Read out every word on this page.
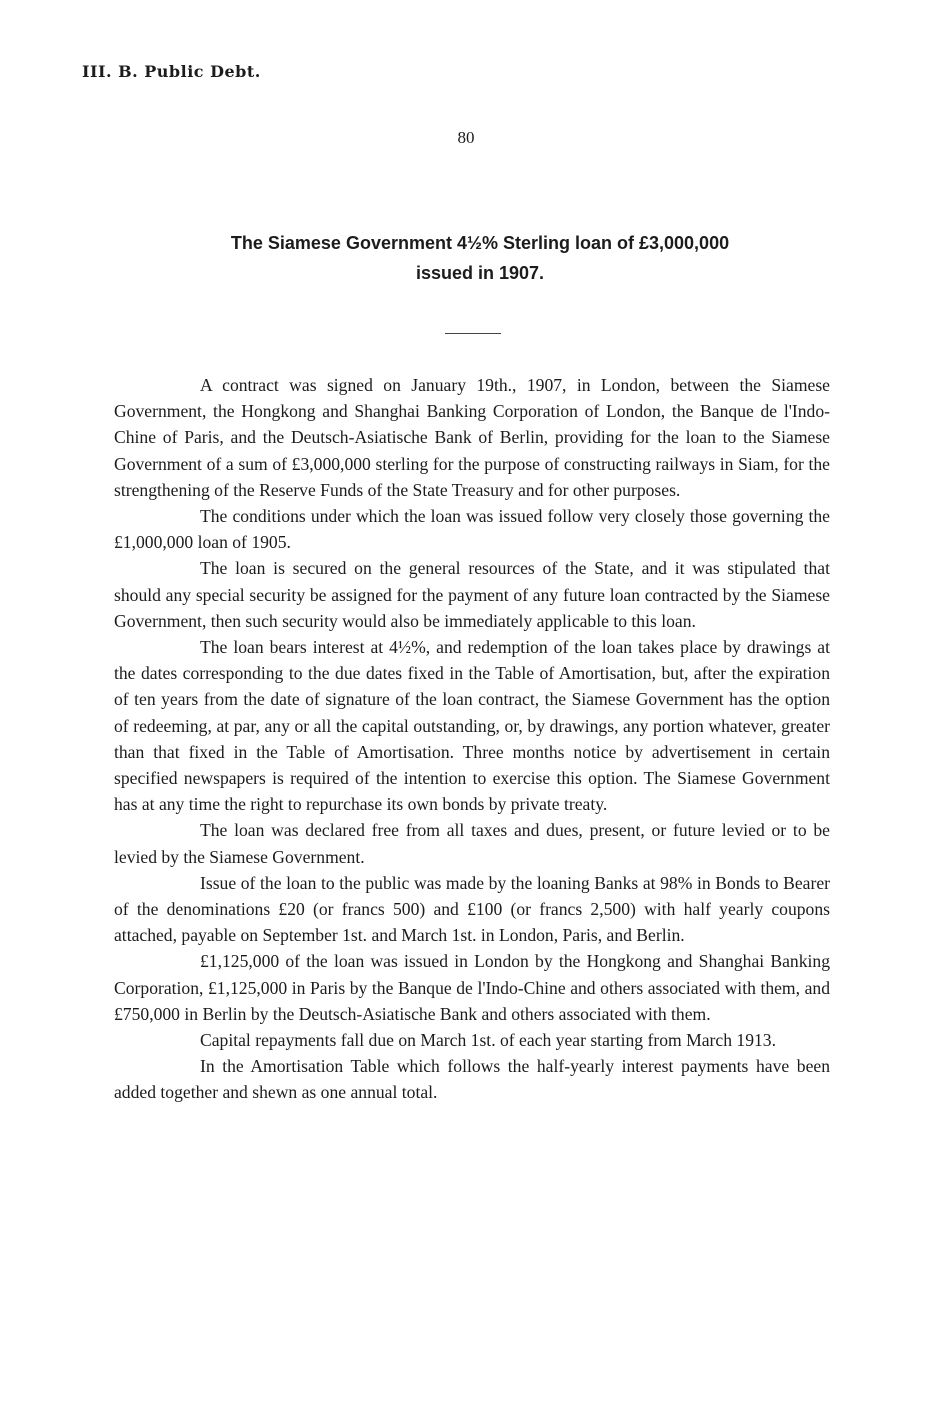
III. B. Public Debt.
80
The Siamese Government 4½% Sterling loan of £3,000,000
issued in 1907.

A contract was signed on January 19th., 1907, in London, between the Siamese Government, the Hongkong and Shanghai Banking Corporation of London, the Banque de l'Indo-Chine of Paris, and the Deutsch-Asiatische Bank of Berlin, providing for the loan to the Siamese Government of a sum of £3,000,000 sterling for the purpose of constructing railways in Siam, for the strengthening of the Reserve Funds of the State Treasury and for other purposes.

The conditions under which the loan was issued follow very closely those governing the £1,000,000 loan of 1905.

The loan is secured on the general resources of the State, and it was stipulated that should any special security be assigned for the payment of any future loan contracted by the Siamese Government, then such security would also be immediately applicable to this loan.

The loan bears interest at 4½%, and redemption of the loan takes place by drawings at the dates corresponding to the due dates fixed in the Table of Amortisation, but, after the expiration of ten years from the date of signature of the loan contract, the Siamese Government has the option of redeeming, at par, any or all the capital outstanding, or, by drawings, any portion whatever, greater than that fixed in the Table of Amortisation. Three months notice by advertisement in certain specified newspapers is required of the intention to exercise this option. The Siamese Government has at any time the right to repurchase its own bonds by private treaty.

The loan was declared free from all taxes and dues, present, or future levied or to be levied by the Siamese Government.

Issue of the loan to the public was made by the loaning Banks at 98% in Bonds to Bearer of the denominations £20 (or francs 500) and £100 (or francs 2,500) with half yearly coupons attached, payable on September 1st. and March 1st. in London, Paris, and Berlin.

£1,125,000 of the loan was issued in London by the Hongkong and Shanghai Banking Corporation, £1,125,000 in Paris by the Banque de l'Indo-Chine and others associated with them, and £750,000 in Berlin by the Deutsch-Asiatische Bank and others associated with them.

Capital repayments fall due on March 1st. of each year starting from March 1913.

In the Amortisation Table which follows the half-yearly interest payments have been added together and shewn as one annual total.
